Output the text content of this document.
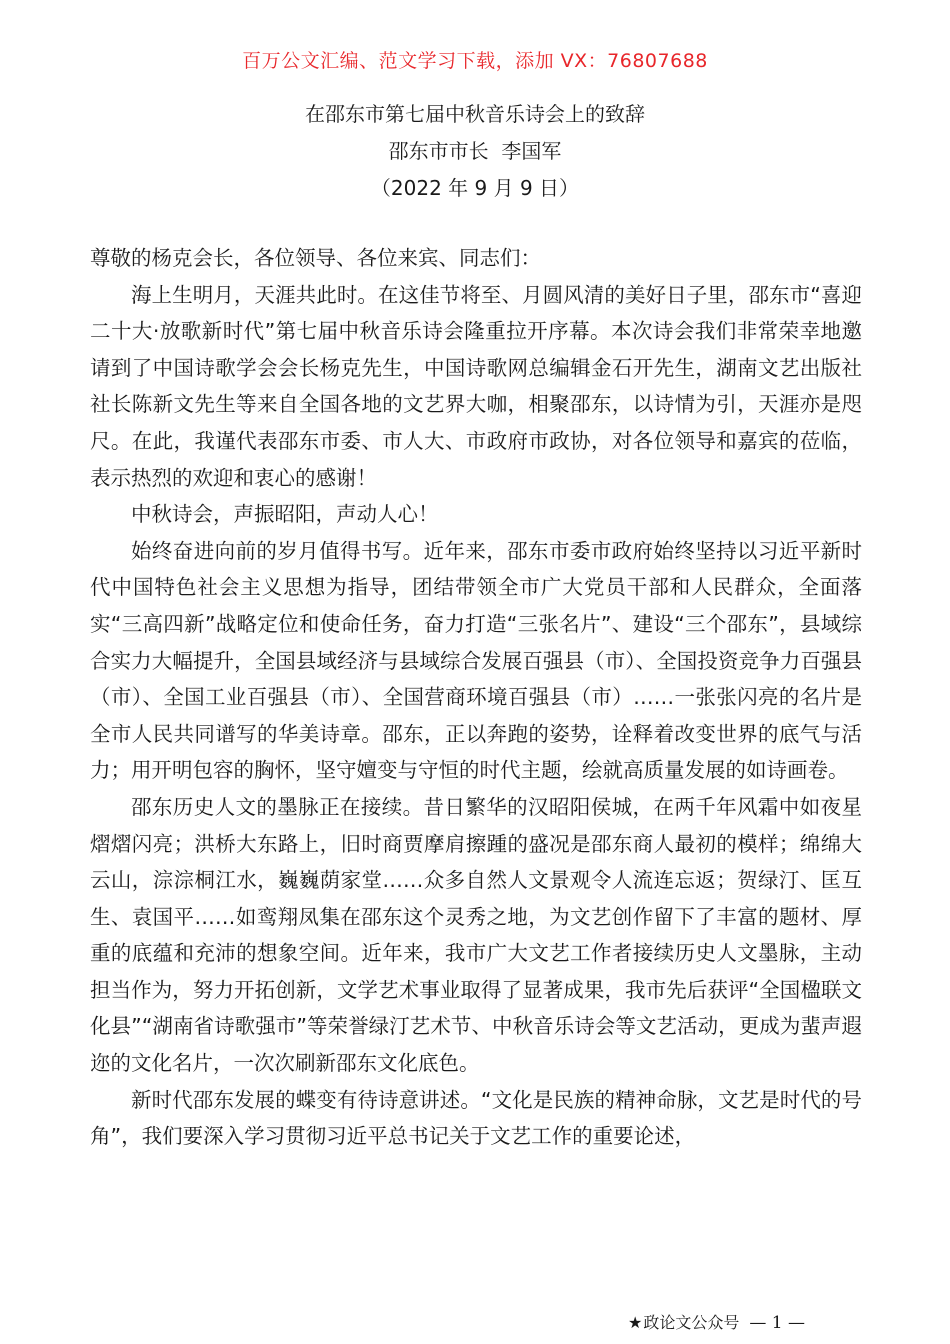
百万公文汇编、范文学习下载，添加 VX：76807688
在邵东市第七届中秋音乐诗会上的致辞
邵东市市长  李国军
（2022 年 9 月 9 日）

尊敬的杨克会长，各位领导、各位来宾、同志们：

海上生明月，天涯共此时。在这佳节将至、月圆风清的美好日子里，邵东市“喜迎二十大·放歌新时代”第七届中秋音乐诗会隆重拉开序幕。本次诗会我们非常荣幸地邀请到了中国诗歌学会会长杨克先生，中国诗歌网总编辑金石开先生，湖南文艺出版社社长陈新文先生等来自全国各地的文艺界大咖，相聚邵东，以诗情为引，天涯亦是咫尺。在此，我谨代表邵东市委、市人大、市政府市政协，对各位领导和嘉宾的莅临，表示热烈的欢迎和衷心的感谢！

中秋诗会，声振昭阳，声动人心！

始终奋进向前的岁月值得书写。近年来，邵东市委市政府始终坚持以习近平新时代中国特色社会主义思想为指导，团结带领全市广大党员干部和人民群众，全面落实“三高四新”战略定位和使命任务，奋力打造“三张名片”、建设“三个邵东”，县域综合实力大幅提升，全国县域经济与县域综合发展百强县（市）、全国投资竞争力百强县（市）、全国工业百强县（市）、全国营商环境百强县（市）……一张张闪亮的名片是全市人民共同谱写的华美诗章。邵东，正以奔跑的姿势，诠释着改变世界的底气与活力；用开明包容的胸怀，坚守嬗变与守恒的时代主题，绘就高质量发展的如诗画卷。

邵东历史人文的墨脉正在接续。昔日繁华的汉昭阳侯城，在两千年风霜中如夜星熠熠闪亮；洪桥大东路上，旧时商贾摩肩擦踵的盛况是邵东商人最初的模样；绵绵大云山，淙淙桐江水，巍巍荫家堂……众多自然人文景观令人流连忘返；贺绿汀、匡互生、袁国平……如鸾翔凤集在邵东这个灵秀之地，为文艺创作留下了丰富的题材、厚重的底蕴和充沛的想象空间。近年来，我市广大文艺工作者接续历史人文墨脉，主动担当作为，努力开拓创新，文学艺术事业取得了显著成果，我市先后获评“全国楹联文化县”“湖南省诗歌强市”等荣誉绿汀艺术节、中秋音乐诗会等文艺活动，更成为蜚声遐迩的文化名片，一次次刷新邵东文化底色。

新时代邵东发展的蝶变有待诗意讲述。“文化是民族的精神命脉，文艺是时代的号角”，我们要深入学习贯彻习近平总书记关于文艺工作的重要论述，

★政论文公众号 — 1 —
